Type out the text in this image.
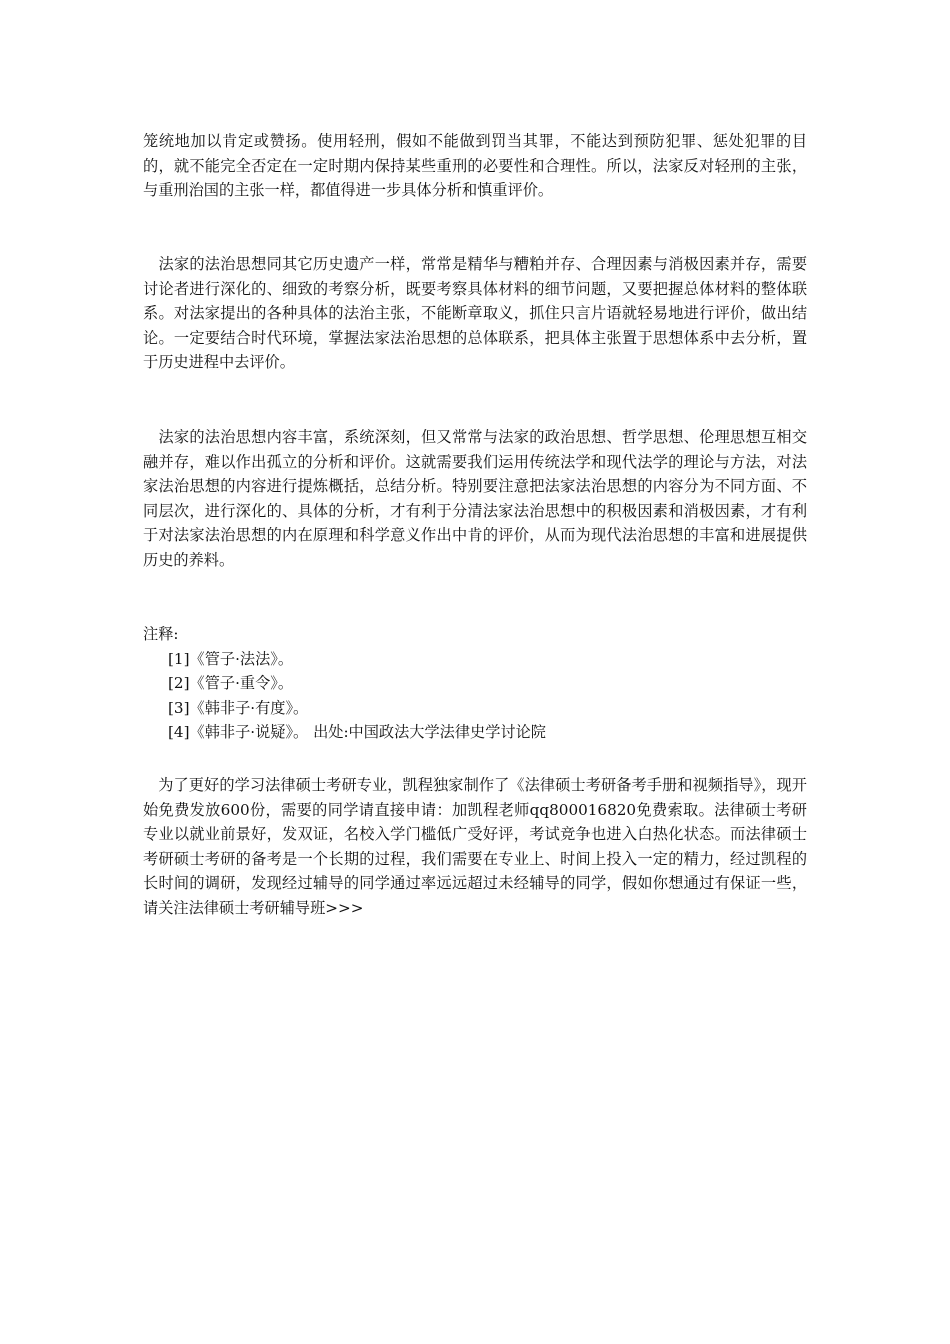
笼统地加以肯定或赞扬。使用轻刑，假如不能做到罚当其罪，不能达到预防犯罪、惩处犯罪的目的，就不能完全否定在一定时期内保持某些重刑的必要性和合理性。所以，法家反对轻刑的主张，与重刑治国的主张一样，都值得进一步具体分析和慎重评价。

　法家的法治思想同其它历史遗产一样，常常是精华与糟粕并存、合理因素与消极因素并存，需要讨论者进行深化的、细致的考察分析，既要考察具体材料的细节问题，又要把握总体材料的整体联系。对法家提出的各种具体的法治主张，不能断章取义，抓住只言片语就轻易地进行评价，做出结论。一定要结合时代环境，掌握法家法治思想的总体联系，把具体主张置于思想体系中去分析，置于历史进程中去评价。

　法家的法治思想内容丰富，系统深刻，但又常常与法家的政治思想、哲学思想、伦理思想互相交融并存，难以作出孤立的分析和评价。这就需要我们运用传统法学和现代法学的理论与方法，对法家法治思想的内容进行提炼概括，总结分析。特别要注意把法家法治思想的内容分为不同方面、不同层次，进行深化的、具体的分析，才有利于分清法家法治思想中的积极因素和消极因素，才有利于对法家法治思想的内在原理和科学意义作出中肯的评价，从而为现代法治思想的丰富和进展提供历史的养料。

注释:

[1]《管子·法法》。

[2]《管子·重令》。

[3]《韩非子·有度》。

[4]《韩非子·说疑》。 出处:中国政法大学法律史学讨论院

　为了更好的学习法律硕士考研专业，凯程独家制作了《法律硕士考研备考手册和视频指导》，现开始免费发放600份，需要的同学请直接申请：加凯程老师qq800016820免费索取。法律硕士考研专业以就业前景好，发双证，名校入学门槛低广受好评，考试竞争也进入白热化状态。而法律硕士考研硕士考研的备考是一个长期的过程，我们需要在专业上、时间上投入一定的精力，经过凯程的长时间的调研，发现经过辅导的同学通过率远远超过未经辅导的同学，假如你想通过有保证一些，请关注法律硕士考研辅导班>>>
